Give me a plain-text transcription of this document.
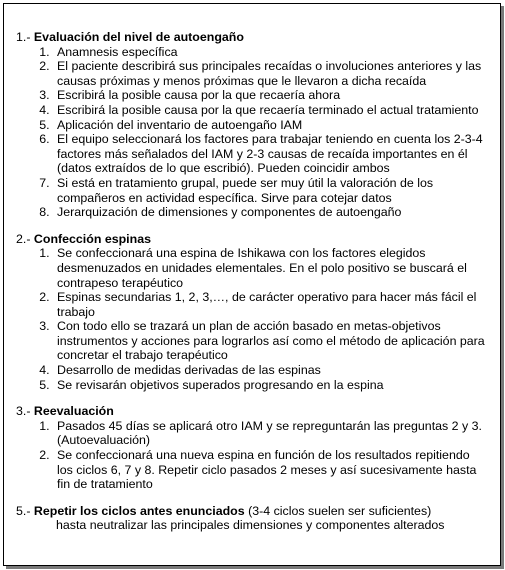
1.- Evaluación del nivel de autoengaño

1. Anamnesis específica
2. El paciente describirá sus principales recaídas o involuciones anteriores y las causas próximas y menos próximas que le llevaron a dicha recaída
3. Escribirá la posible causa por la que recaería ahora
4. Escribirá la posible causa por la que recaería terminado el actual tratamiento
5. Aplicación del inventario de autoengaño IAM
6. El equipo seleccionará los factores para trabajar teniendo en cuenta los 2-3-4 factores más señalados del IAM y 2-3 causas de recaída importantes en él (datos extraídos de lo que escribió). Pueden coincidir ambos
7. Si está en tratamiento grupal, puede ser muy útil la valoración de los compañeros en actividad específica. Sirve para cotejar datos
8. Jerarquización de dimensiones y componentes de autoengaño

2.- Confección espinas

1. Se confeccionará una espina de Ishikawa con los factores elegidos desmenuzados en unidades elementales. En el polo positivo se buscará el contrapeso terapéutico
2. Espinas secundarias 1, 2, 3,…, de carácter operativo para hacer más fácil el trabajo
3. Con todo ello se trazará un plan de acción basado en metas-objetivos instrumentos y acciones para lograrlos así como el método de aplicación para concretar el trabajo terapéutico
4. Desarrollo de medidas derivadas de las espinas
5. Se revisarán objetivos superados progresando en la espina

3.- Reevaluación

1. Pasados 45 días se aplicará otro IAM y se repreguntarán las preguntas 2 y 3. (Autoevaluación)
2. Se confeccionará una nueva espina en función de los resultados repitiendo los ciclos 6, 7 y 8. Repetir ciclo pasados 2 meses y así sucesivamente hasta fin de tratamiento

5.- Repetir los ciclos antes enunciados (3-4 ciclos suelen ser suficientes)
hasta neutralizar las principales dimensiones y componentes alterados
